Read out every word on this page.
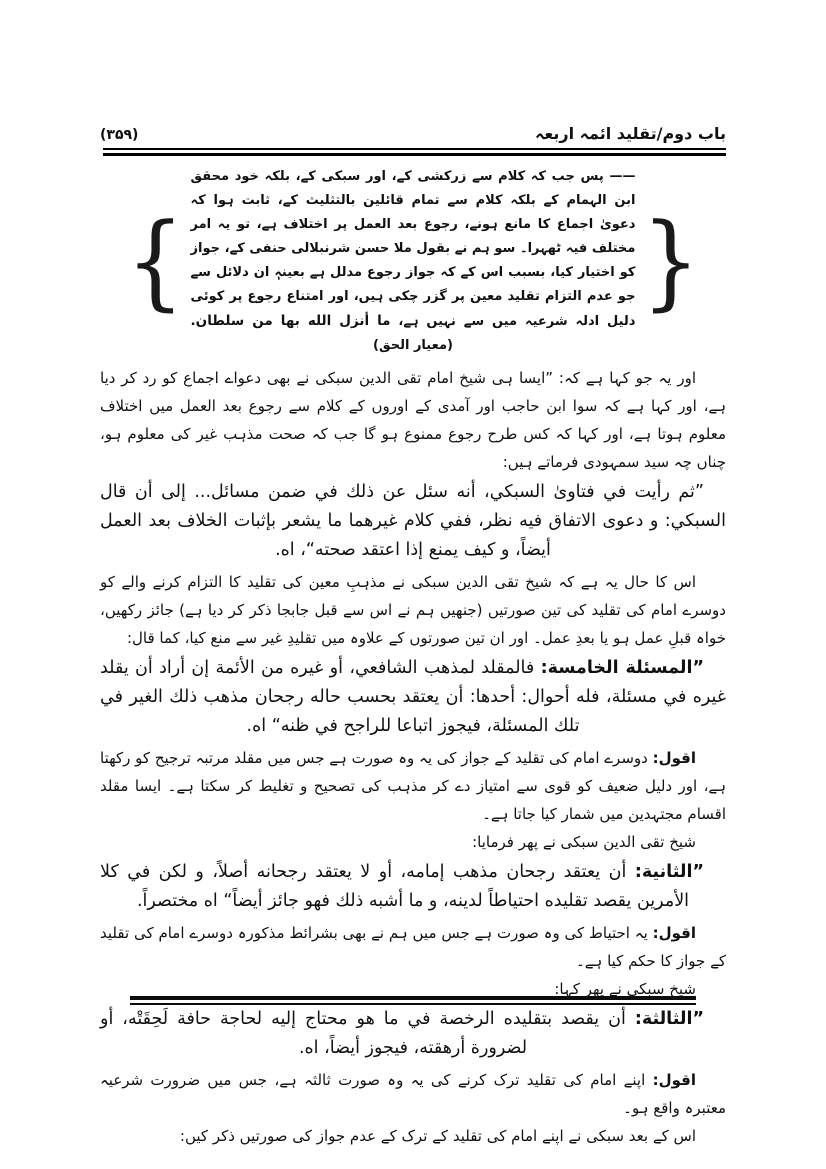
باب دوم/تقلید ائمہ اربعہ
(۳۵۹)
{
—— پس جب کہ کلام سے زرکشی کے، اور سبکی کے، بلکہ خود محقق ابن الہمام کے بلکہ کلام سے تمام قائلین بالتثلیث کے، ثابت ہوا کہ دعویٰ اجماع کا مانع ہونے، رجوع بعد العمل پر اختلاف ہے، تو یہ امر مختلف فیہ ٹھہرا۔ سو ہم نے بقول ملا حسن شرنبلالی حنفی کے، جواز کو اختیار کیا، بسبب اس کے کہ جواز رجوع مدلل ہے بعینہٖ ان دلائل سے جو عدم التزام تقلید معین پر گزر چکی ہیں، اور امتناع رجوع پر کوئی دلیل ادلہ شرعیہ میں سے نہیں ہے، ما أنزل الله بها من سلطان. (معیار الحق)
}

اور یہ جو کہا ہے کہ: ”ایسا ہی شیخ امام تقی الدین سبکی نے بھی دعواے اجماع کو رد کر دیا ہے، اور کہا ہے کہ سوا ابن حاجب اور آمدی کے اوروں کے کلام سے رجوع بعد العمل میں اختلاف معلوم ہوتا ہے، اور کہا کہ کس طرح رجوع ممنوع ہو گا جب کہ صحت مذہب غیر کی معلوم ہو، چناں چہ سید سمہودی فرماتے ہیں:

”ثم رأيت في فتاوىٰ السبكي، أنه سئل عن ذلك في ضمن مسائل... إلى أن قال السبكي: و دعوى الاتفاق فيه نظر، ففي كلام غيرهما ما يشعر بإثبات الخلاف بعد العمل أيضاً، و كيف يمنع إذا اعتقد صحته“، اه.

اس کا حال یہ ہے کہ شیخ تقی الدین سبکی نے مذہبِ معین کی تقلید کا التزام کرنے والے کو دوسرے امام کی تقلید کی تین صورتیں (جنھیں ہم نے اس سے قبل جابجا ذکر کر دیا ہے) جائز رکھیں، خواہ قبلِ عمل ہو یا بعدِ عمل۔ اور ان تین صورتوں کے علاوہ میں تقلیدِ غیر سے منع کیا، کما قال:

”المسئلة الخامسة: فالمقلد لمذهب الشافعي، أو غيره من الأئمة إن أراد أن يقلد غيره في مسئلة، فله أحوال: أحدها: أن يعتقد بحسب حاله رجحان مذهب ذلك الغير في تلك المسئلة، فيجوز اتباعا للراجح في ظنه“ اه.

اقول: دوسرے امام کی تقلید کے جواز کی یہ وہ صورت ہے جس میں مقلد مرتبہ ترجیح کو رکھتا ہے، اور دلیل ضعیف کو قوی سے امتیاز دے کر مذہب کی تصحیح و تغلیط کر سکتا ہے۔ ایسا مقلد اقسام مجتہدین میں شمار کیا جاتا ہے۔

شیخ تقی الدین سبکی نے پھر فرمایا:

”الثانية: أن يعتقد رجحان مذهب إمامه، أو لا يعتقد رجحانه أصلاً، و لكن في كلا الأمرين يقصد تقليده احتياطاً لدينه، و ما أشبه ذلك فهو جائز أيضاً“ اه مختصراً.

اقول: یہ احتیاط کی وہ صورت ہے جس میں ہم نے بھی بشرائط مذکورہ دوسرے امام کی تقلید کے جواز کا حکم کیا ہے۔

شیخ سبکی نے پھر کہا:

”الثالثة: أن يقصد بتقليده الرخصة في ما هو محتاج إليه لحاجة حافة لَحِقَتْه، أو لضرورة أرهقته، فيجوز أيضاً، اه.

اقول: اپنے امام کی تقلید ترک کرنے کی یہ وہ صورت ثالثہ ہے، جس میں ضرورت شرعیہ معتبرہ واقع ہو۔

اس کے بعد سبکی نے اپنے امام کی تقلید کے ترک کے عدم جواز کی صورتیں ذکر کیں:
